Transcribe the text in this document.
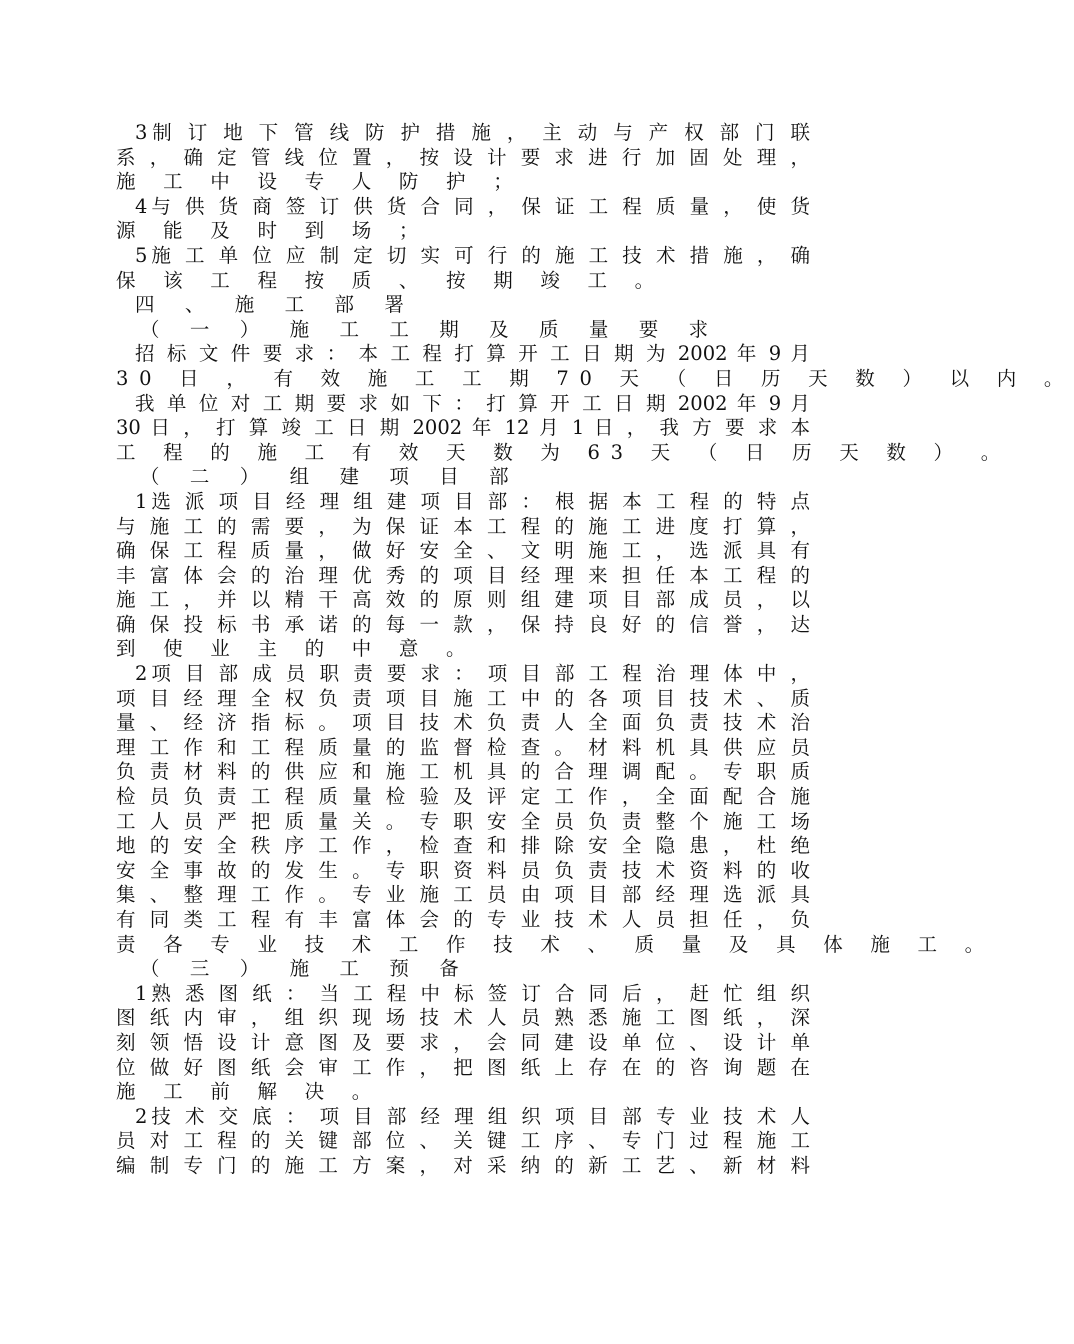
3制 订 地 下 管 线 防 护 措 施 ， 主 动 与 产 权 部 门 联
系 ， 确 定 管 线 位 置 ， 按 设 计 要 求 进 行 加 固 处 理 ，
施 工 中 设 专 人 防 护 ；
4与 供 货 商 签 订 供 货 合 同 ， 保 证 工 程 质 量 ， 使 货
源 能 及 时 到 场 ；
5施 工 单 位 应 制 定 切 实 可 行 的 施 工 技 术 措 施 ， 确
保 该 工 程 按 质 、 按 期 竣 工 。
四 、 施 工 部 署
（ 一 ） 施 工 工 期 及 质 量 要 求
招 标 文 件 要 求 ： 本 工 程 打 算 开 工 日 期 为 2002 年 9 月
30 日 ， 有 效 施 工 工 期 70 天 （ 日 历 天 数 ） 以 内 。
我 单 位 对 工 期 要 求 如 下 ： 打 算 开 工 日 期 2002 年 9 月
30 日 ， 打 算 竣 工 日 期 2002 年 12 月 1 日 ， 我 方 要 求 本
工 程 的 施 工 有 效 天 数 为 63 天 （ 日 历 天 数 ） 。
（ 二 ） 组 建 项 目 部
1选 派 项 目 经 理 组 建 项 目 部 ： 根 据 本 工 程 的 特 点
与 施 工 的 需 要 ， 为 保 证 本 工 程 的 施 工 进 度 打 算 ，
确 保 工 程 质 量 ， 做 好 安 全 、 文 明 施 工 ， 选 派 具 有
丰 富 体 会 的 治 理 优 秀 的 项 目 经 理 来 担 任 本 工 程 的
施 工 ， 并 以 精 干 高 效 的 原 则 组 建 项 目 部 成 员 ， 以
确 保 投 标 书 承 诺 的 每 一 款 ， 保 持 良 好 的 信 誉 ， 达
到 使 业 主 的 中 意 。
2项 目 部 成 员 职 责 要 求 ： 项 目 部 工 程 治 理 体 中 ，
项 目 经 理 全 权 负 责 项 目 施 工 中 的 各 项 目 技 术 、 质
量 、 经 济 指 标 。 项 目 技 术 负 责 人 全 面 负 责 技 术 治
理 工 作 和 工 程 质 量 的 监 督 检 查 。 材 料 机 具 供 应 员
负 责 材 料 的 供 应 和 施 工 机 具 的 合 理 调 配 。 专 职 质
检 员 负 责 工 程 质 量 检 验 及 评 定 工 作 ， 全 面 配 合 施
工 人 员 严 把 质 量 关 。 专 职 安 全 员 负 责 整 个 施 工 场
地 的 安 全 秩 序 工 作 ， 检 查 和 排 除 安 全 隐 患 ， 杜 绝
安 全 事 故 的 发 生 。 专 职 资 料 员 负 责 技 术 资 料 的 收
集 、 整 理 工 作 。 专 业 施 工 员 由 项 目 部 经 理 选 派 具
有 同 类 工 程 有 丰 富 体 会 的 专 业 技 术 人 员 担 任 ， 负
责 各 专 业 技 术 工 作 技 术 、 质 量 及 具 体 施 工 。
（ 三 ） 施 工 预 备
1熟 悉 图 纸 ： 当 工 程 中 标 签 订 合 同 后 ， 赶 忙 组 织
图 纸 内 审 ， 组 织 现 场 技 术 人 员 熟 悉 施 工 图 纸 ， 深
刻 领 悟 设 计 意 图 及 要 求 ， 会 同 建 设 单 位 、 设 计 单
位 做 好 图 纸 会 审 工 作 ， 把 图 纸 上 存 在 的 咨 询 题 在
施 工 前 解 决 。
2技 术 交 底 ： 项 目 部 经 理 组 织 项 目 部 专 业 技 术 人
员 对 工 程 的 关 键 部 位 、 关 键 工 序 、 专 门 过 程 施 工
编 制 专 门 的 施 工 方 案 ， 对 采 纳 的 新 工 艺 、 新 材 料
